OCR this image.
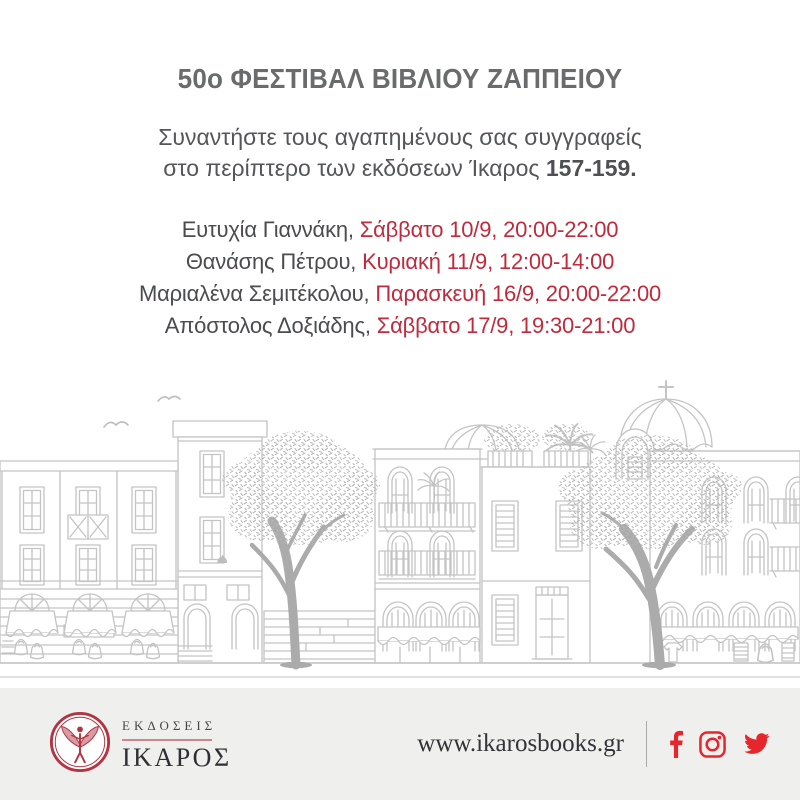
50ο ΦΕΣΤΙΒΑΛ ΒΙΒΛΙΟΥ ΖΑΠΠΕΙΟΥ

Συναντήστε τους αγαπημένους σας συγγραφείς
στο περίπτερο των εκδόσεων Ίκαρος 157-159.

Ευτυχία Γιαννάκη, Σάββατο 10/9, 20:00-22:00
Θανάσης Πέτρου, Κυριακή 11/9, 12:00-14:00
Μαριαλένα Σεμιτέκολου, Παρασκευή 16/9, 20:00-22:00
Απόστολος Δοξιάδης, Σάββατο 17/9, 19:30-21:00
ΕΚΔΟΣΕΙΣ
ΙΚΑΡΟΣ	www.ikarosbooks.gr
